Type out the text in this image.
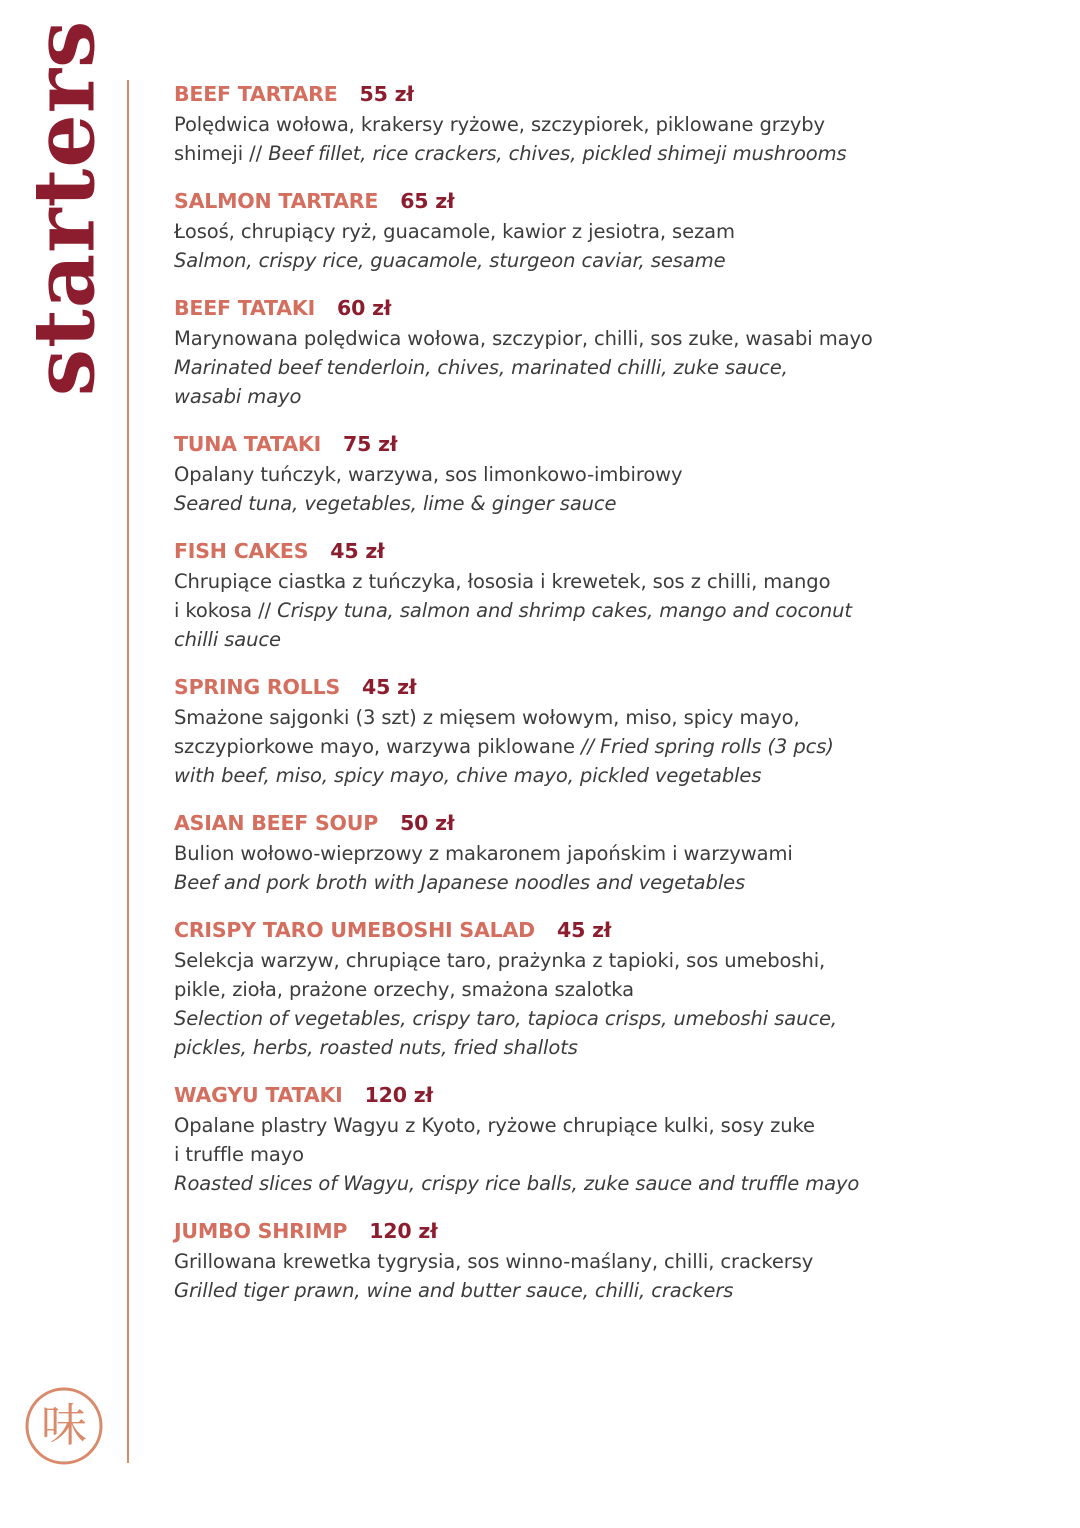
starters	BEEF TARTARE 55 zł
Polędwica wołowa, krakersy ryżowe, szczypiorek, piklowane grzyby
shimeji // Beef fillet, rice crackers, chives, pickled shimeji mushrooms
SALMON TARTARE 65 zł
Łosoś, chrupiący ryż, guacamole, kawior z jesiotra, sezam
Salmon, crispy rice, guacamole, sturgeon caviar, sesame
BEEF TATAKI 60 zł
Marynowana polędwica wołowa, szczypior, chilli, sos zuke, wasabi mayo
Marinated beef tenderloin, chives, marinated chilli, zuke sauce,
wasabi mayo
TUNA TATAKI 75 zł
Opalany tuńczyk, warzywa, sos limonkowo-imbirowy
Seared tuna, vegetables, lime & ginger sauce
FISH CAKES 45 zł
Chrupiące ciastka z tuńczyka, łososia i krewetek, sos z chilli, mango
i kokosa // Crispy tuna, salmon and shrimp cakes, mango and coconut
chilli sauce
SPRING ROLLS 45 zł
Smażone sajgonki (3 szt) z mięsem wołowym, miso, spicy mayo,
szczypiorkowe mayo, warzywa piklowane // Fried spring rolls (3 pcs)
with beef, miso, spicy mayo, chive mayo, pickled vegetables
ASIAN BEEF SOUP 50 zł
Bulion wołowo-wieprzowy z makaronem japońskim i warzywami
Beef and pork broth with Japanese noodles and vegetables
CRISPY TARO UMEBOSHI SALAD 45 zł
Selekcja warzyw, chrupiące taro, prażynka z tapioki, sos umeboshi,
pikle, zioła, prażone orzechy, smażona szalotka
Selection of vegetables, crispy taro, tapioca crisps, umeboshi sauce,
pickles, herbs, roasted nuts, fried shallots
WAGYU TATAKI 120 zł
Opalane plastry Wagyu z Kyoto, ryżowe chrupiące kulki, sosy zuke
i truffle mayo
Roasted slices of Wagyu, crispy rice balls, zuke sauce and truffle mayo
JUMBO SHRIMP 120 zł
Grillowana krewetka tygrysia, sos winno-maślany, chilli, crackersy
Grilled tiger prawn, wine and butter sauce, chilli, crackers
味
